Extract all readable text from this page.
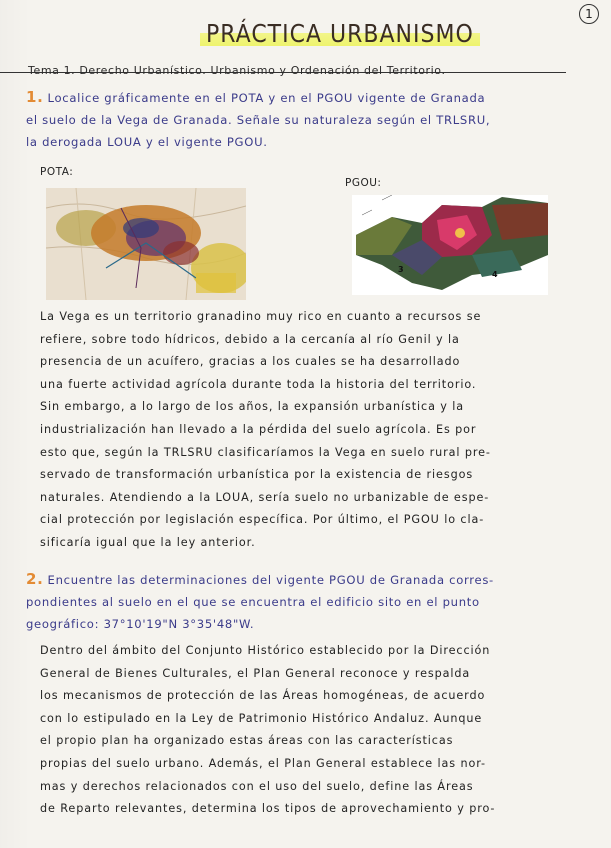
1
PRÁCTICA URBANISMO
Tema 1. Derecho Urbanístico. Urbanismo y Ordenación del Territorio.
1. Localice gráficamente en el POTA y en el PGOU vigente de Granada
el suelo de la Vega de Granada. Señale su naturaleza según el TRLSRU,
la derogada LOUA y el vigente PGOU.
POTA:
PGOU:
3
4
La Vega es un territorio granadino muy rico en cuanto a recursos se
refiere, sobre todo hídricos, debido a la cercanía al río Genil y la
presencia de un acuífero, gracias a los cuales se ha desarrollado
una fuerte actividad agrícola durante toda la historia del territorio.
Sin embargo, a lo largo de los años, la expansión urbanística y la
industrialización han llevado a la pérdida del suelo agrícola. Es por
esto que, según la TRLSRU clasificaríamos la Vega en suelo rural pre-
servado de transformación urbanística por la existencia de riesgos
naturales. Atendiendo a la LOUA, sería suelo no urbanizable de espe-
cial protección por legislación específica. Por último, el PGOU lo cla-
sificaría igual que la ley anterior.
2. Encuentre las determinaciones del vigente PGOU de Granada corres-
pondientes al suelo en el que se encuentra el edificio sito en el punto
geográfico: 37°10'19"N 3°35'48"W.
Dentro del ámbito del Conjunto Histórico establecido por la Dirección
General de Bienes Culturales, el Plan General reconoce y respalda
los mecanismos de protección de las Áreas homogéneas, de acuerdo
con lo estipulado en la Ley de Patrimonio Histórico Andaluz. Aunque
el propio plan ha organizado estas áreas con las características
propias del suelo urbano. Además, el Plan General establece las nor-
mas y derechos relacionados con el uso del suelo, define las Áreas
de Reparto relevantes, determina los tipos de aprovechamiento y pro-
